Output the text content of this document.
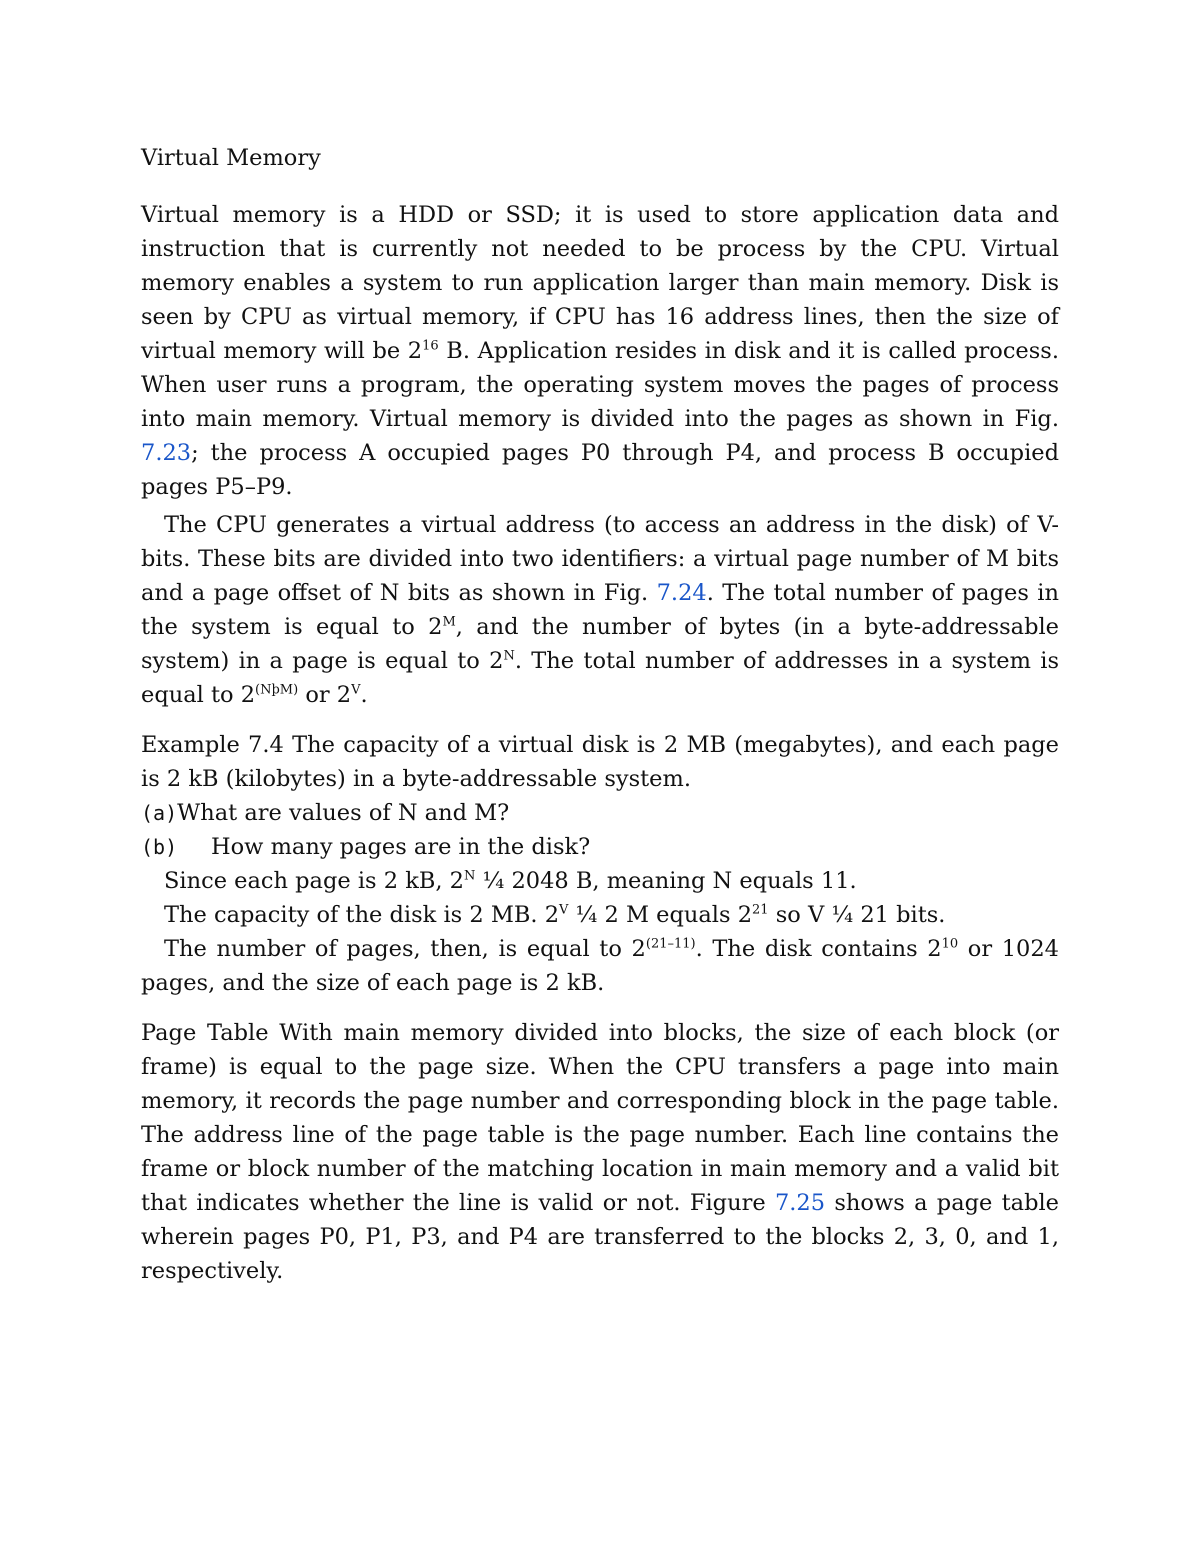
Virtual Memory

Virtual memory is a HDD or SSD; it is used to store application data and instruction that is currently not needed to be process by the CPU. Virtual memory enables a system to run application larger than main memory. Disk is seen by CPU as virtual memory, if CPU has 16 address lines, then the size of virtual memory will be $2^{16}$ B. Application resides in disk and it is called process. When user runs a program, the operating system moves the pages of process into main memory. Virtual memory is divided into the pages as shown in Fig. 7.23; the process A occupied pages P0 through P4, and process B occupied pages P5–P9.

The CPU generates a virtual address (to access an address in the disk) of V-bits. These bits are divided into two identifiers: a virtual page number of M bits and a page offset of N bits as shown in Fig. 7.24. The total number of pages in the system is equal to $2^M$, and the number of bytes (in a byte-addressable system) in a page is equal to $2^N$. The total number of addresses in a system is equal to $2^{(NþM)}$ or $2^V$.

Example 7.4 The capacity of a virtual disk is 2 MB (megabytes), and each page is 2 kB (kilobytes) in a byte-addressable system.

(a)What are values of N and M?

(b) How many pages are in the disk?

Since each page is 2 kB, $2^N$ ¼ 2048 B, meaning N equals 11.

The capacity of the disk is 2 MB. $2^V$ ¼ 2 M equals $2^{21}$ so V ¼ 21 bits.

The number of pages, then, is equal to 2$^{(21-11)}$. The disk contains $2^{10}$ or 1024 pages, and the size of each page is 2 kB.

Page Table With main memory divided into blocks, the size of each block (or frame) is equal to the page size. When the CPU transfers a page into main memory, it records the page number and corresponding block in the page table. The address line of the page table is the page number. Each line contains the frame or block number of the matching location in main memory and a valid bit that indicates whether the line is valid or not. Figure 7.25 shows a page table wherein pages P0, P1, P3, and P4 are transferred to the blocks 2, 3, 0, and 1, respectively.
